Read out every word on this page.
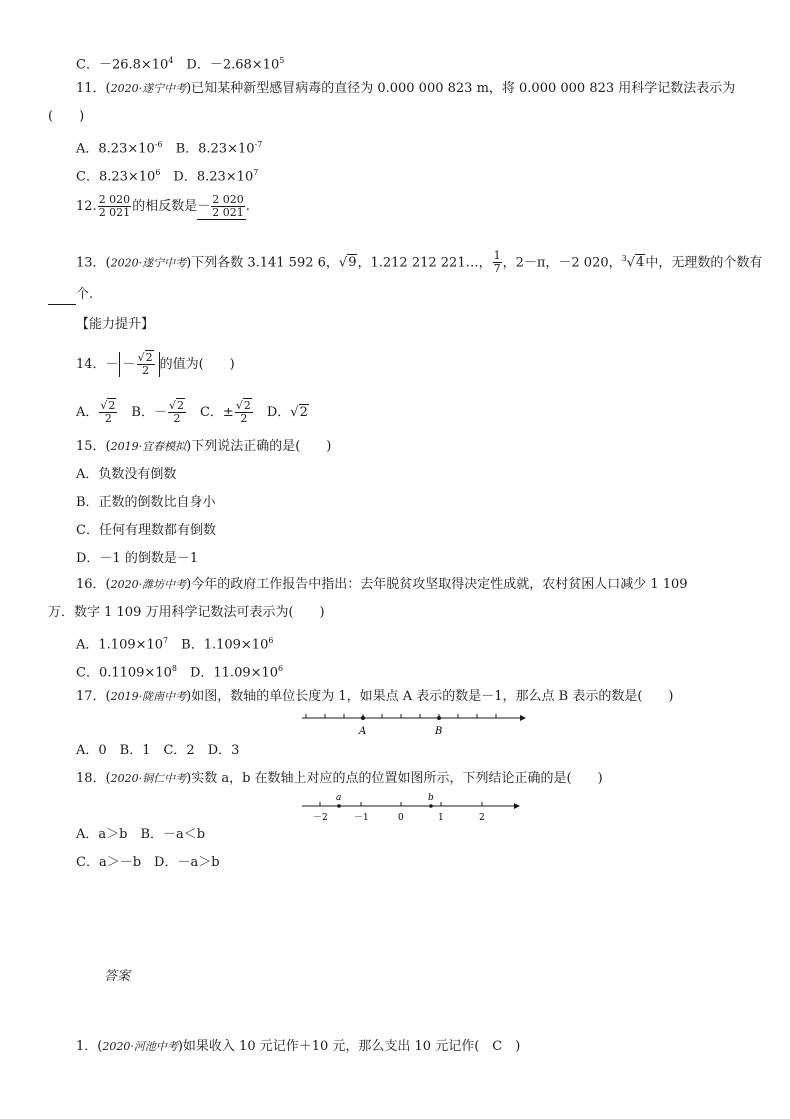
C．$-26.8\times 10^4$　D．$-2.68\times 10^5$
11．(2020·遂宁中考)已知某种新型感冒病毒的直径为 0.000 000 823 m，将 0.000 000 823 用科学记数法表示为
(　　)
A．$8.23\times 10^{-6}$　B．$8.23\times 10^{-7}$
C．$8.23\times 10^6$　D．$8.23\times 10^7$
12. $\frac{2 020}{2 021}$ 的相反数是－ $\frac{2 020}{2 021}$ .
13．(2020·遂宁中考)下列各数 3.141 592 6，√9，1.212 212 221…， $\frac{1}{7}$ ，2－π，－2 020，$^3$√4中，无理数的个数有
个.
【能力提升】
14．－ － $\frac{√2}{2}$ 的值为(　　)
A． $\frac{√2}{2}$ 　B．－ $\frac{√2}{2}$ 　C．± $\frac{√2}{2}$ 　D．√2
15．(2019·宜春模拟)下列说法正确的是(　　)
A．负数没有倒数
B．正数的倒数比自身小
C．任何有理数都有倒数
D．－1 的倒数是－1
16．(2020·潍坊中考)今年的政府工作报告中指出：去年脱贫攻坚取得决定性成就，农村贫困人口减少 1 109
万．数字 1 109 万用科学记数法可表示为(　　)
A．$1.109\times 10^7$　B．$1.109\times 10^6$
C．$0.1109\times 10^8$　D．$11.09\times 10^6$
17．(2019·陇南中考)如图，数轴的单位长度为 1，如果点 A 表示的数是－1，那么点 B 表示的数是(　　)
A	B
A．0　B．1　C．2　D．3
18．(2020·铜仁中考)实数 a，b 在数轴上对应的点的位置如图所示，下列结论正确的是(　　)
a	b
－2	－1	0	1	2
A．a＞b　B．－a＜b
C．a＞－b　D．－a＞b
答案
1．(2020·河池中考)如果收入 10 元记作＋10 元，那么支出 10 元记作(　C　)
